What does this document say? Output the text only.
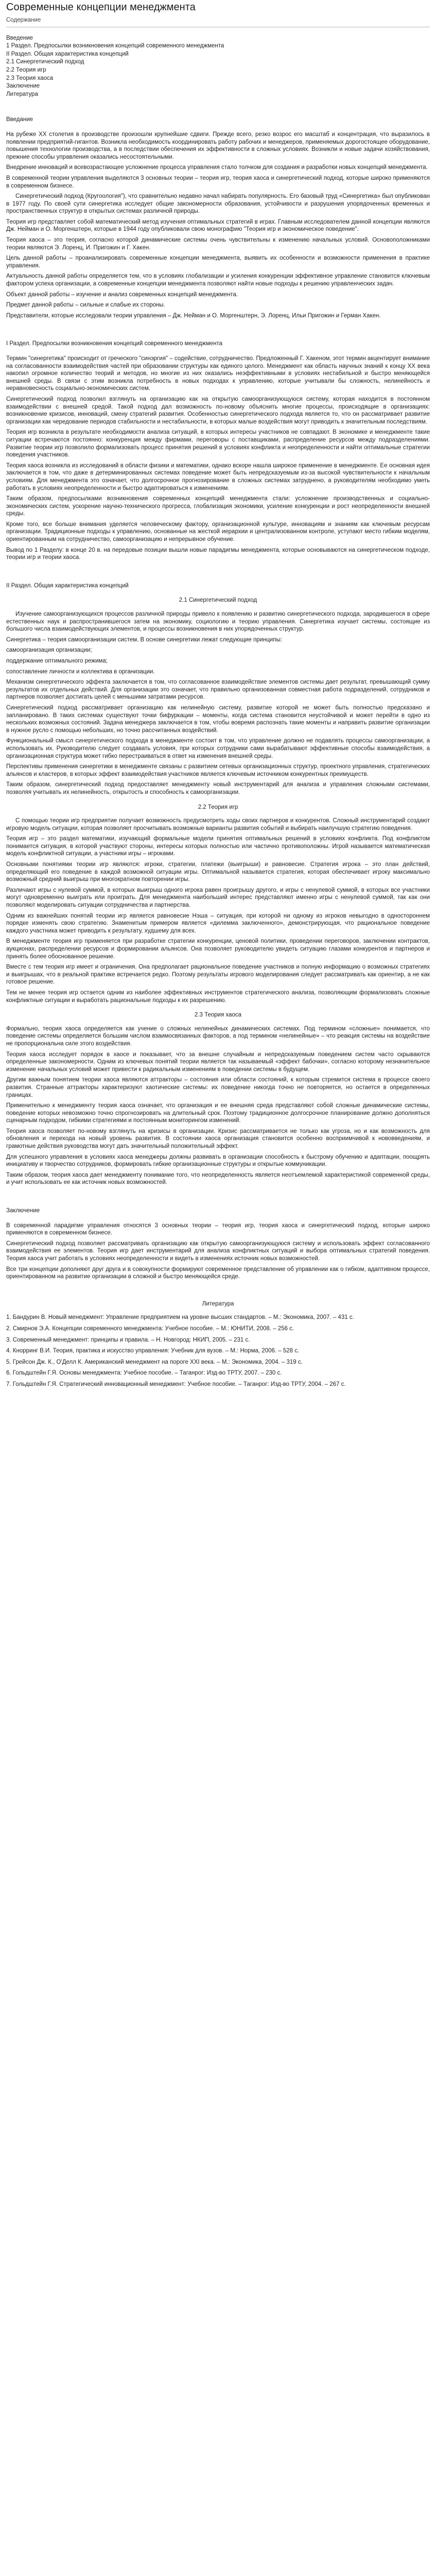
Современные концепции менеджмента
Содержание
Введение
1 Раздел. Предпосылки возникновения концепций современного менеджмента
II Раздел. Общая характеристика концепций
2.1 Синергетический подход
2.2 Теория игр
2.3 Теория хаоса
Заключение
Литература
Введание

На рубеже XX столетия в производстве произошли крупнейшие сдвиги. Прежде всего, резко возрос его масштаб и концентрация, что выразилось в появлении предприятий-гигантов. Возникла необходимость координировать работу рабочих и менеджеров, применяемых дорогостоящее оборудование, повышения технологии производства, а в последствии обеспечения их эффективности в сложных условиях. Возникли и новые задачи хозяйствования, прежние способы управления оказались несостоятельными.

Внедрение инноваций и всевозрастающее усложнение процесса управления стало толчком для создания и разработки новых концепций менеджмента.

В современной теории управления выделяются 3 основных теории – теория игр, теория хаоса и синергетический подход, которые широко применяются в современном бизнесе.

Синергетический подход (Кругоология"), что сравнительно недавно начал набирать популярность. Его базовый труд «Синергетика» был опубликован в 1977 году. По своей сути синергетика исследует общие закономерности образования, устойчивости и разрушения упорядоченных временных и пространственных структур в открытых системах различной природы.

Теория игр представляет собой математический метод изучения оптимальных стратегий в играх. Главным исследователем данной концепции являются Дж. Нейман и О. Моргенштерн, которые в 1944 году опубликовали свою монографию "Теория игр и экономическое поведение".

Теория хаоса – это теория, согласно которой динамические системы очень чувствительны к изменению начальных условий. Основоположниками теории являются Э. Лоренц, И. Пригожин и Г. Хакен.

Цель данной работы – проанализировать современные концепции менеджмента, выявить их особенности и возможности применения в практике управления.

Актуальность данной работы определяется тем, что в условиях глобализации и усиления конкуренции эффективное управление становится ключевым фактором успеха организации, а современные концепции менеджмента позволяют найти новые подходы к решению управленческих задач.

Объект данной работы – изучение и анализ современных концепций менеджмента.

Предмет данной работы – сильные и слабые их стороны.

Представители, которые исследовали теории управления – Дж. Нейман и О. Моргенштерн, Э. Лоренц, Ильи Пригожин и Герман Хакен.

I Раздел. Предпосылки возникновения концепций современного менеджмента

Термин "синергетика" происходит от греческого "синэргия" – содействие, сотрудничество. Предложенный Г. Хакеном, этот термин акцентирует внимание на согласованности взаимодействия частей при образовании структуры как единого целого. Менеджмент как область научных знаний к концу XX века накопил огромное количество теорий и методов, но многие из них оказались неэффективными в условиях нестабильной и быстро меняющейся внешней среды. В связи с этим возникла потребность в новых подходах к управлению, которые учитывали бы сложность, нелинейность и неравновесность социально-экономических систем.

Синергетический подход позволил взглянуть на организацию как на открытую самоорганизующуюся систему, которая находится в постоянном взаимодействии с внешней средой. Такой подход дал возможность по-новому объяснить многие процессы, происходящие в организациях: возникновение кризисов, инноваций, смену стратегий развития. Особенностью синергетического подхода является то, что он рассматривает развитие организации как чередование периодов стабильности и нестабильности, в которых малые воздействия могут приводить к значительным последствиям.

Теория игр возникла в результате необходимости анализа ситуаций, в которых интересы участников не совпадают. В экономике и менеджменте такие ситуации встречаются постоянно: конкуренция между фирмами, переговоры с поставщиками, распределение ресурсов между подразделениями. Развитие теории игр позволило формализовать процесс принятия решений в условиях конфликта и неопределенности и найти оптимальные стратегии поведения участников.

Теория хаоса возникла из исследований в области физики и математики, однако вскоре нашла широкое применение в менеджменте. Ее основная идея заключается в том, что даже в детерминированных системах поведение может быть непредсказуемым из-за высокой чувствительности к начальным условиям. Для менеджмента это означает, что долгосрочное прогнозирование в сложных системах затруднено, а руководителям необходимо уметь работать в условиях неопределенности и быстро адаптироваться к изменениям.

Таким образом, предпосылками возникновения современных концепций менеджмента стали: усложнение производственных и социально-экономических систем, ускорение научно-технического прогресса, глобализация экономики, усиление конкуренции и рост неопределенности внешней среды.

Кроме того, все больше внимания уделяется человеческому фактору, организационной культуре, инновациям и знаниям как ключевым ресурсам организации. Традиционные подходы к управлению, основанные на жесткой иерархии и централизованном контроле, уступают место гибким моделям, ориентированным на сотрудничество, самоорганизацию и непрерывное обучение.

Вывод по 1 Разделу: в конце 20 в. на передовые позиции вышли новые парадигмы менеджмента, которые основываются на синергетическом подходе, теории игр и теории хаоса.

II Раздел. Общая характеристика концепций
2.1 Синергетический подход

Изучение самоорганизующихся процессов различной природы привело к появлению и развитию синергетического подхода, зародившегося в сфере естественных наук и распространившегося затем на экономику, социологию и теорию управления. Синергетика изучает системы, состоящие из большого числа взаимодействующих элементов, и процессы возникновения в них упорядоченных структур.

Синергетика – теория самоорганизации систем. В основе синергетики лежат следующие принципы:

самоорганизация организации;

поддержание оптимального режима;

сопоставление личности и коллектива в организации.

Механизм синергетического эффекта заключается в том, что согласованное взаимодействие элементов системы дает результат, превышающий сумму результатов их отдельных действий. Для организации это означает, что правильно организованная совместная работа подразделений, сотрудников и партнеров позволяет достигать целей с меньшими затратами ресурсов.

Синергетический подход рассматривает организацию как нелинейную систему, развитие которой не может быть полностью предсказано и запланировано. В таких системах существуют точки бифуркации – моменты, когда система становится неустойчивой и может перейти в одно из нескольких возможных состояний. Задача менеджера заключается в том, чтобы вовремя распознать такие моменты и направить развитие организации в нужное русло с помощью небольших, но точно рассчитанных воздействий.

Функциональный смысл синергетического подхода в менеджменте состоит в том, что управление должно не подавлять процессы самоорганизации, а использовать их. Руководителю следует создавать условия, при которых сотрудники сами вырабатывают эффективные способы взаимодействия, а организационная структура может гибко перестраиваться в ответ на изменения внешней среды.

Перспективы применения синергетики в менеджменте связаны с развитием сетевых организационных структур, проектного управления, стратегических альянсов и кластеров, в которых эффект взаимодействия участников является ключевым источником конкурентных преимуществ.

Таким образом, синергетический подход предоставляет менеджменту новый инструментарий для анализа и управления сложными системами, позволяя учитывать их нелинейность, открытость и способность к самоорганизации.

2.2 Теория игр

С помощью теории игр предприятие получает возможность предусмотреть ходы своих партнеров и конкурентов. Сложный инструментарий создают игровую модель ситуации, которая позволяет просчитывать возможные варианты развития событий и выбирать наилучшую стратегию поведения.

Теория игр – это раздел математики, изучающий формальные модели принятия оптимальных решений в условиях конфликта. Под конфликтом понимается ситуация, в которой участвуют стороны, интересы которых полностью или частично противоположны. Игрой называется математическая модель конфликтной ситуации, а участники игры – игроками.

Основными понятиями теории игр являются: игроки, стратегии, платежи (выигрыши) и равновесие. Стратегия игрока – это план действий, определяющий его поведение в каждой возможной ситуации игры. Оптимальной называется стратегия, которая обеспечивает игроку максимально возможный средний выигрыш при многократном повторении игры.

Различают игры с нулевой суммой, в которых выигрыш одного игрока равен проигрышу другого, и игры с ненулевой суммой, в которых все участники могут одновременно выиграть или проиграть. Для менеджмента наибольший интерес представляют именно игры с ненулевой суммой, так как они позволяют моделировать ситуации сотрудничества и партнерства.

Одним из важнейших понятий теории игр является равновесие Нэша – ситуация, при которой ни одному из игроков невыгодно в одностороннем порядке изменять свою стратегию. Знаменитым примером является «дилемма заключенного», демонстрирующая, что рациональное поведение каждого участника может приводить к результату, худшему для всех.

В менеджменте теория игр применяется при разработке стратегии конкуренции, ценовой политики, проведении переговоров, заключении контрактов, аукционах, распределении ресурсов и формировании альянсов. Она позволяет руководителю увидеть ситуацию глазами конкурентов и партнеров и принять более обоснованное решение.

Вместе с тем теория игр имеет и ограничения. Она предполагает рациональное поведение участников и полную информацию о возможных стратегиях и выигрышах, что в реальной практике встречается редко. Поэтому результаты игрового моделирования следует рассматривать как ориентир, а не как готовое решение.

Тем не менее теория игр остается одним из наиболее эффективных инструментов стратегического анализа, позволяющим формализовать сложные конфликтные ситуации и выработать рациональные подходы к их разрешению.

2.3 Теория хаоса

Формально, теория хаоса определяется как учение о сложных нелинейных динамических системах. Под термином «сложные» понимается, что поведение системы определяется большим числом взаимосвязанных факторов, а под термином «нелинейные» – что реакция системы на воздействие не пропорциональна силе этого воздействия.

Теория хаоса исследует порядок в хаосе и показывает, что за внешне случайным и непредсказуемым поведением систем часто скрываются определенные закономерности. Одним из ключевых понятий теории является так называемый «эффект бабочки», согласно которому незначительное изменение начальных условий может привести к радикальным изменениям в поведении системы в будущем.

Другим важным понятием теории хаоса являются аттракторы – состояния или области состояний, к которым стремится система в процессе своего развития. Странные аттракторы характеризуют хаотические системы: их поведение никогда точно не повторяется, но остается в определенных границах.

Применительно к менеджменту теория хаоса означает, что организация и ее внешняя среда представляют собой сложные динамические системы, поведение которых невозможно точно спрогнозировать на длительный срок. Поэтому традиционное долгосрочное планирование должно дополняться сценарным подходом, гибкими стратегиями и постоянным мониторингом изменений.

Теория хаоса позволяет по-новому взглянуть на кризисы в организации. Кризис рассматривается не только как угроза, но и как возможность для обновления и перехода на новый уровень развития. В состоянии хаоса организация становится особенно восприимчивой к нововведениям, и грамотные действия руководства могут дать значительный положительный эффект.

Для успешного управления в условиях хаоса менеджеры должны развивать в организации способность к быстрому обучению и адаптации, поощрять инициативу и творчество сотрудников, формировать гибкие организационные структуры и открытые коммуникации.

Таким образом, теория хаоса дает менеджменту понимание того, что неопределенность является неотъемлемой характеристикой современной среды, и учит использовать ее как источник новых возможностей.

Заключение

В современной парадигме управления относятся 3 основных теории – теория игр, теория хаоса и синергетический подход, которые широко применяются в современном бизнесе.

Синергетический подход позволяет рассматривать организацию как открытую самоорганизующуюся систему и использовать эффект согласованного взаимодействия ее элементов. Теория игр дает инструментарий для анализа конфликтных ситуаций и выбора оптимальных стратегий поведения. Теория хаоса учит работать в условиях неопределенности и видеть в изменениях источник новых возможностей.

Все три концепции дополняют друг друга и в совокупности формируют современное представление об управлении как о гибком, адаптивном процессе, ориентированном на развитие организации в сложной и быстро меняющейся среде.

Литература
1. Бандурин В. Новый менеджмент: Управление предприятием на уровне высших стандартов. – М.: Экономика, 2007. – 431 с.
2. Смирнов Э.А. Концепции современного менеджмента: Учебное пособие. – М.: ЮНИТИ, 2008. – 256 с.
3. Современный менеджмент: принципы и правила. – Н. Новгород: НКИП, 2005. – 231 с.
4. Кнорринг В.И. Теория, практика и искусство управления: Учебник для вузов. – М.: Норма, 2006. – 528 с.
5. Грейсон Дж. К., О'Делл К. Американский менеджмент на пороге XXI века. – М.: Экономика, 2004. – 319 с.
6. Гольдштейн Г.Я. Основы менеджмента: Учебное пособие. – Таганрог: Изд-во ТРТУ, 2007. – 230 с.
7. Гольдштейн Г.Я. Стратегический инновационный менеджмент: Учебное пособие. – Таганрог: Изд-во ТРТУ, 2004. – 267 с.
